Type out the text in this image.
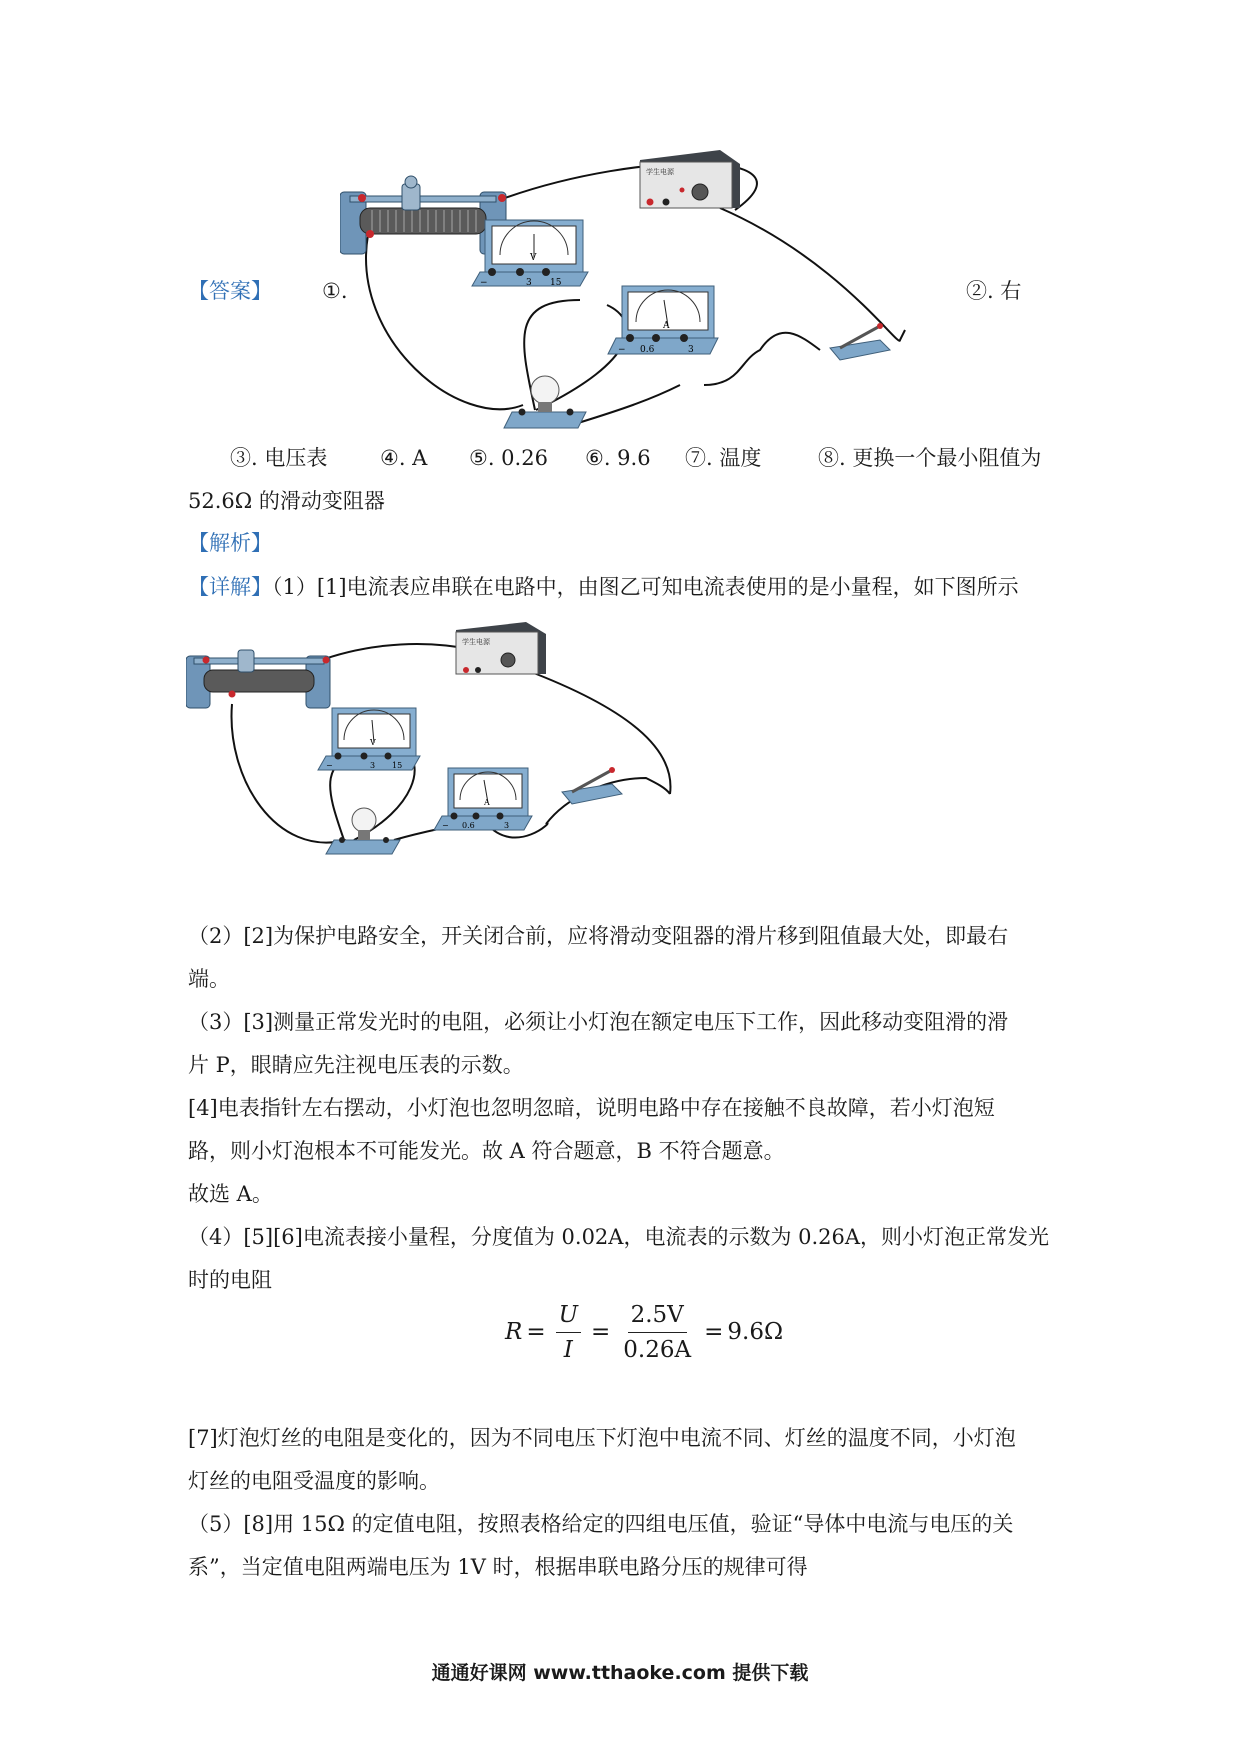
【答案】 ①.	②. 右
学生电源
V
−	3 15
A
− 0.6	3
③. 电压表	④. A ⑤. 0.26 ⑥. 9.6 ⑦. 温度	⑧. 更换一个最小阻值为
52.6Ω 的滑动变阻器
【解析】
【详解】（1）[1]电流表应串联在电路中，由图乙可知电流表使用的是小量程，如下图所示
学生电源
V
−	3 15
A
− 0.6	3
（2）[2]为保护电路安全，开关闭合前，应将滑动变阻器的滑片移到阻值最大处，即最右
端。
（3）[3]测量正常发光时的电阻，必须让小灯泡在额定电压下工作，因此移动变阻滑的滑
片 P，眼睛应先注视电压表的示数。
[4]电表指针左右摆动，小灯泡也忽明忽暗，说明电路中存在接触不良故障，若小灯泡短
路，则小灯泡根本不可能发光。故 A 符合题意，B 不符合题意。
故选 A。
（4）[5][6]电流表接小量程，分度值为 0.02A，电流表的示数为 0.26A，则小灯泡正常发光
时的电阻
$R = \frac{U}{I} = \frac{2.5V}{0.26A} = 9.6\Omega$
[7]灯泡灯丝的电阻是变化的，因为不同电压下灯泡中电流不同、灯丝的温度不同，小灯泡
灯丝的电阻受温度的影响。
（5）[8]用 15Ω 的定值电阻，按照表格给定的四组电压值，验证“导体中电流与电压的关
系”，当定值电阻两端电压为 1V 时，根据串联电路分压的规律可得
通通好课网 www.tthaoke.com 提供下载
